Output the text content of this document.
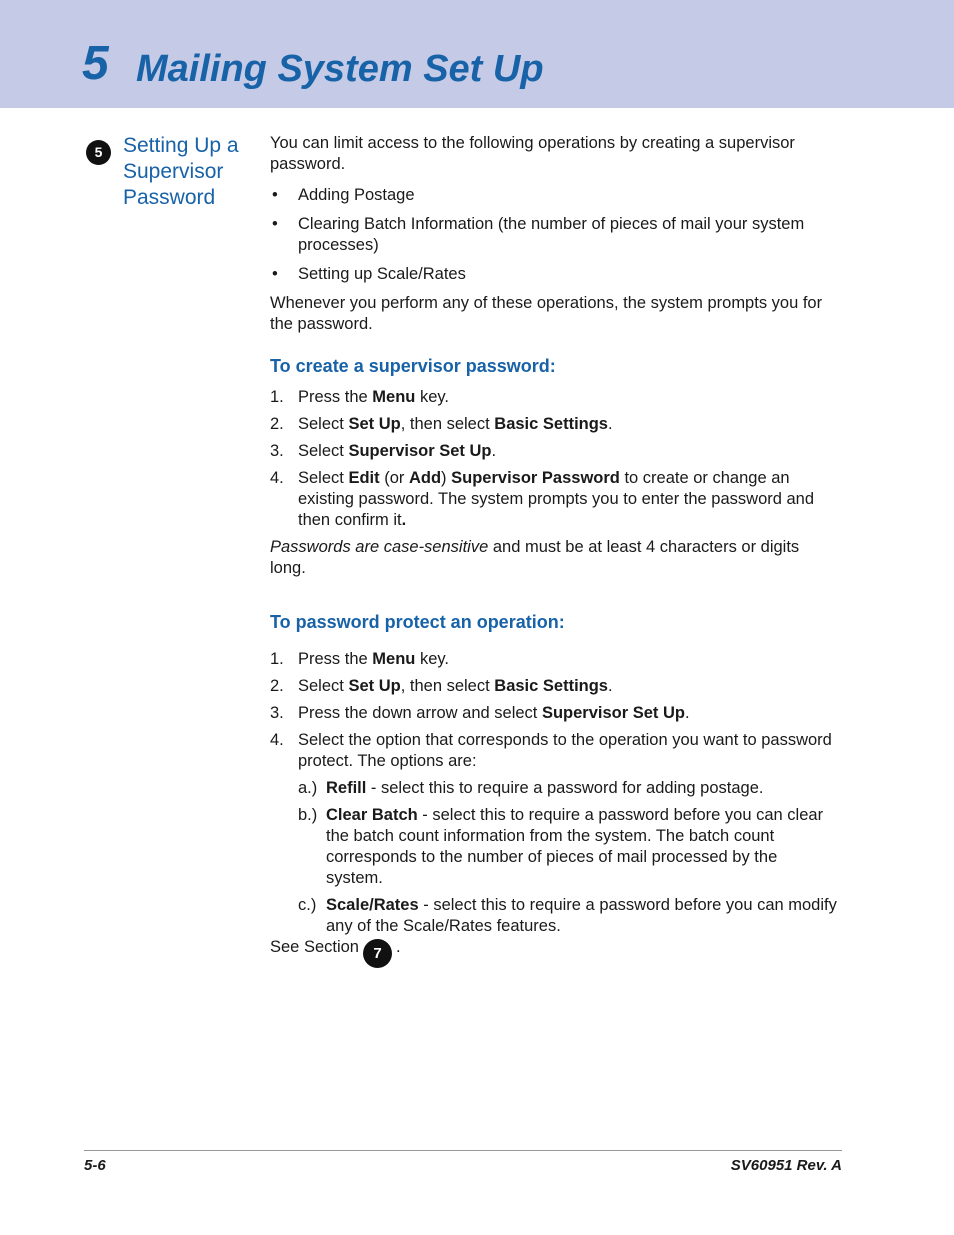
5 Mailing System Set Up
5 Setting Up a
Supervisor
Password

You can limit access to the following operations by creating a supervisor password.

• Adding Postage
• Clearing Batch Information (the number of pieces of mail your system processes)
• Setting up Scale/Rates

Whenever you perform any of these operations, the system prompts you for the password.

To create a supervisor password:
1. Press the Menu key.
2. Select Set Up, then select Basic Settings.
3. Select Supervisor Set Up.
4. Select Edit (or Add) Supervisor Password to create or change an existing password. The system prompts you to enter the password and then confirm it.

Passwords are case-sensitive and must be at least 4 characters or digits long.

To password protect an operation:
1. Press the Menu key.
2. Select Set Up, then select Basic Settings.
3. Press the down arrow and select Supervisor Set Up.
4. Select the option that corresponds to the operation you want to password protect. The options are:
a.) Refill - select this to require a password for adding postage.
b.) Clear Batch - select this to require a password before you can clear the batch count information from the system. The batch count corresponds to the number of pieces of mail processed by the system.
c.) Scale/Rates - select this to require a password before you can modify any of the Scale/Rates features.

See Section 7 .

5-6	SV60951 Rev. A
